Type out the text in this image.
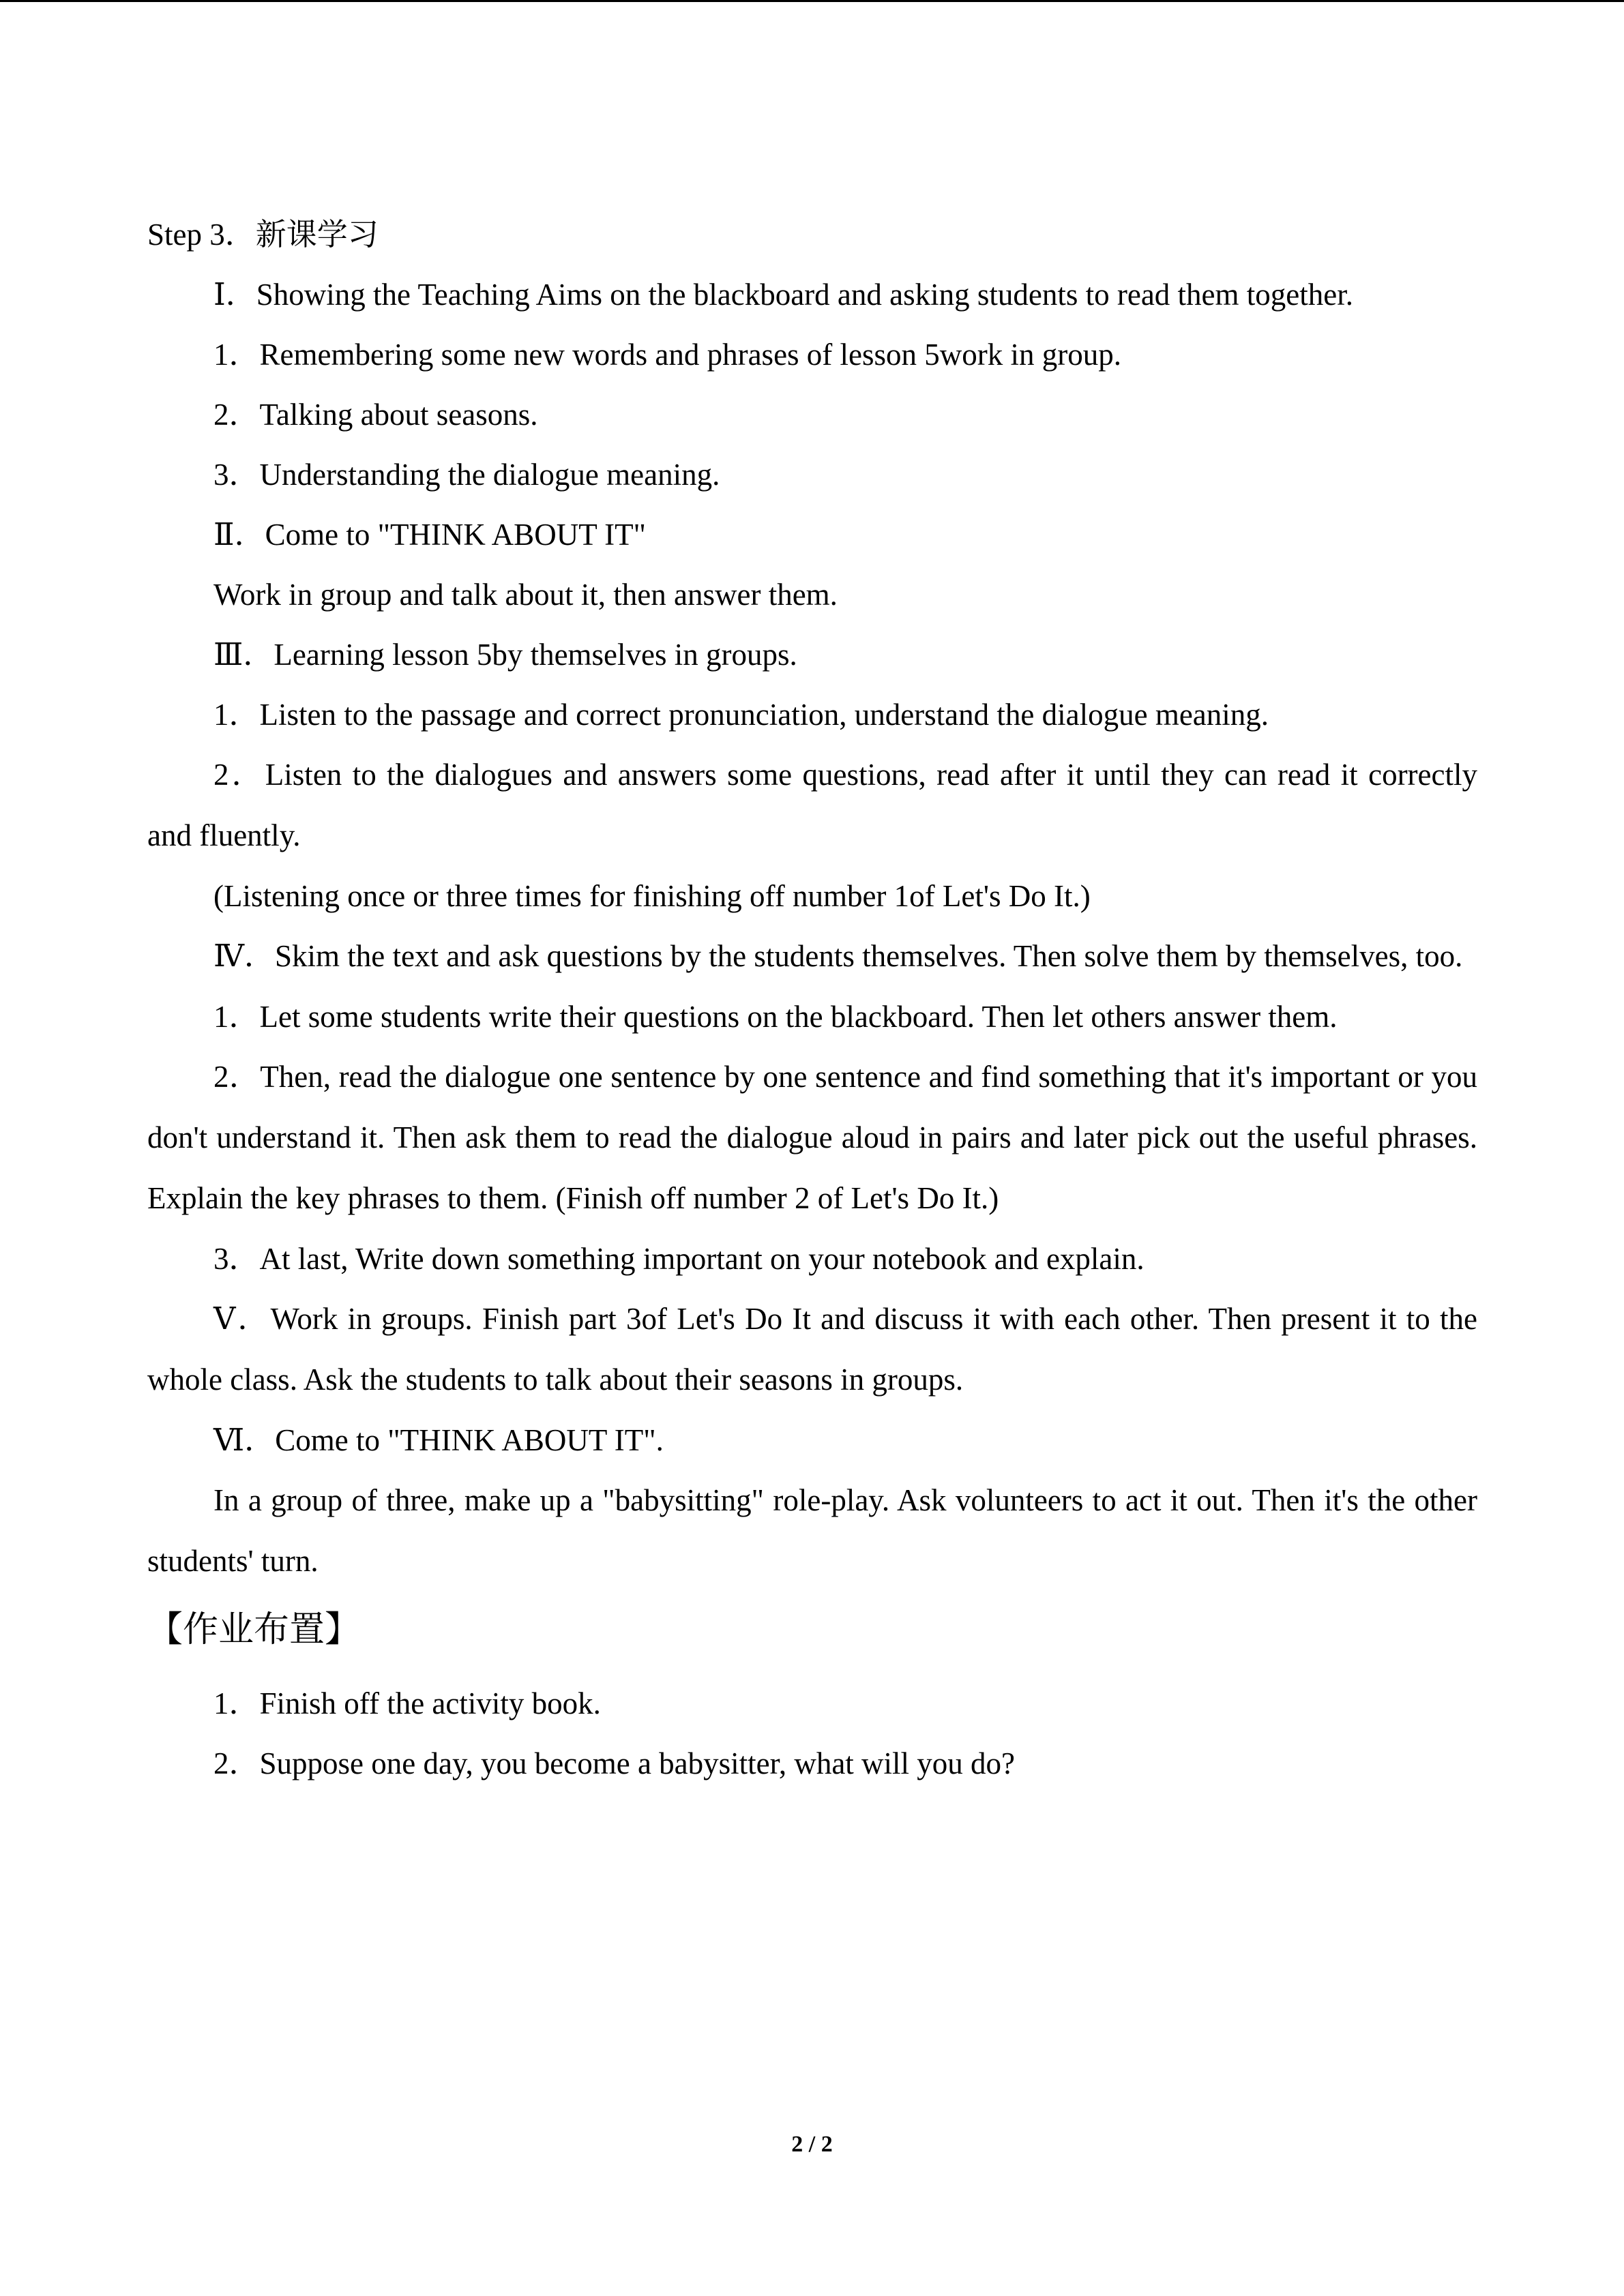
Step 3．新课学习
Ⅰ．Showing the Teaching Aims on the blackboard and asking students to read them together.
1．Remembering some new words and phrases of lesson 5work in group.
2．Talking about seasons.
3．Understanding the dialogue meaning.
Ⅱ．Come to "THINK ABOUT IT"
Work in group and talk about it, then answer them.
Ⅲ．Learning lesson 5by themselves in groups.
1．Listen to the passage and correct pronunciation, understand the dialogue meaning.
2．Listen to the dialogues and answers some questions, read after it until they can read it correctly and fluently.
(Listening once or three times for finishing off number 1of Let's Do It.)
Ⅳ．Skim the text and ask questions by the students themselves. Then solve them by themselves, too.
1．Let some students write their questions on the blackboard. Then let others answer them.
2．Then, read the dialogue one sentence by one sentence and find something that it's important or you don't understand it. Then ask them to read the dialogue aloud in pairs and later pick out the useful phrases. Explain the key phrases to them. (Finish off number 2 of Let's Do It.)
3．At last, Write down something important on your notebook and explain.
Ⅴ．Work in groups. Finish part 3of Let's Do It and discuss it with each other. Then present it to the whole class. Ask the students to talk about their seasons in groups.
Ⅵ．Come to "THINK ABOUT IT".
In a group of three, make up a "babysitting" role-play. Ask volunteers to act it out. Then it's the other students' turn.
【作业布置】
1．Finish off the activity book.
2．Suppose one day, you become a babysitter, what will you do?
2 / 2
